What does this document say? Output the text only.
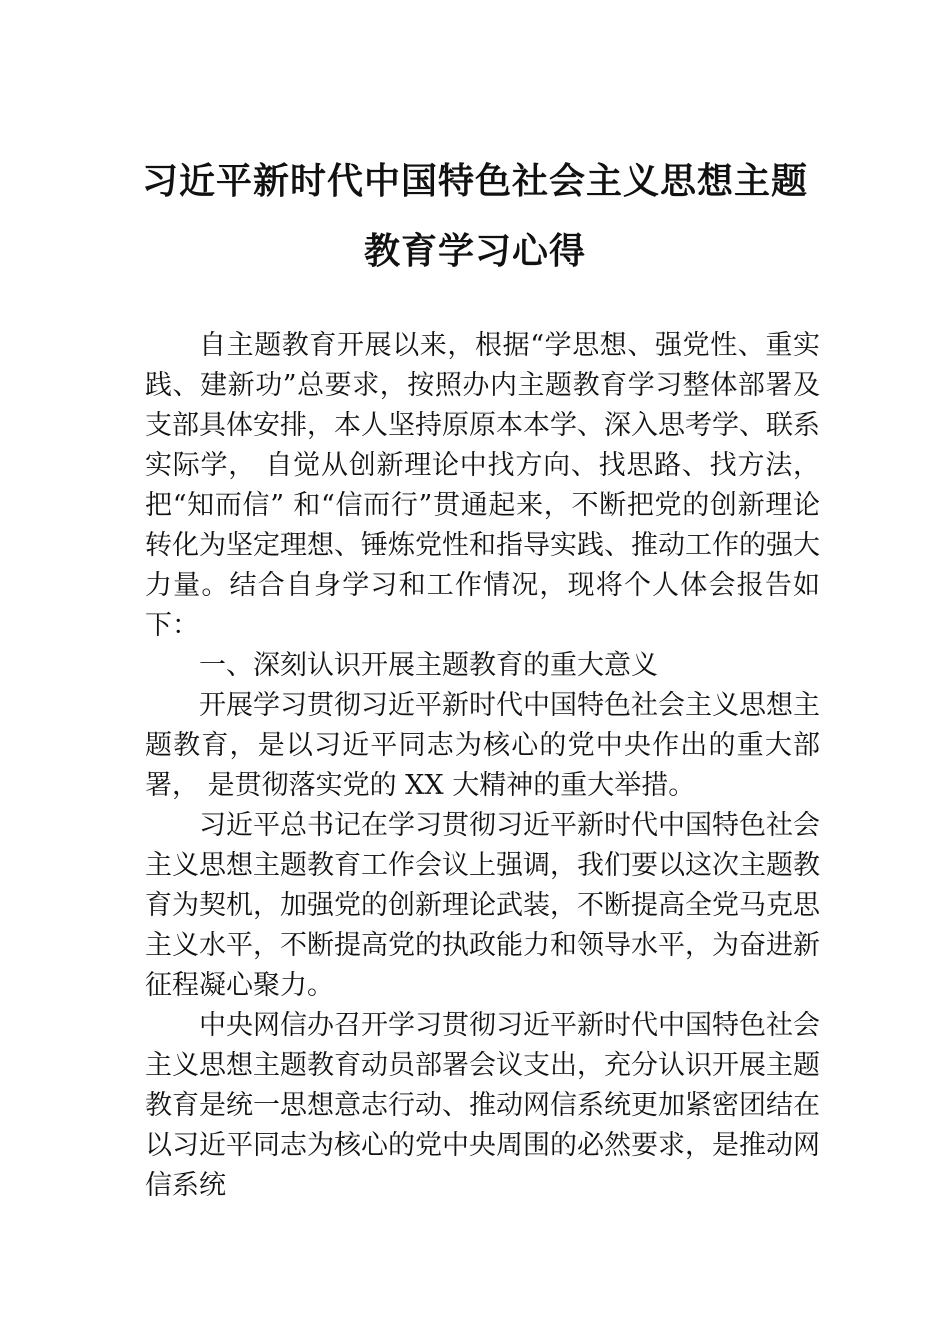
习近平新时代中国特色社会主义思想主题
教育学习心得

自主题教育开展以来，根据“学思想、强党性、重实践、建新功”总要求，按照办内主题教育学习整体部署及支部具体安排，本人坚持原原本本学、深入思考学、联系实际学， 自觉从创新理论中找方向、找思路、找方法，把“知而信” 和“信而行”贯通起来，不断把党的创新理论转化为坚定理想、锤炼党性和指导实践、推动工作的强大力量。结合自身学习和工作情况，现将个人体会报告如下：

一、深刻认识开展主题教育的重大意义

开展学习贯彻习近平新时代中国特色社会主义思想主题教育，是以习近平同志为核心的党中央作出的重大部署， 是贯彻落实党的 XX 大精神的重大举措。

习近平总书记在学习贯彻习近平新时代中国特色社会主义思想主题教育工作会议上强调，我们要以这次主题教育为契机，加强党的创新理论武装，不断提高全党马克思主义水平，不断提高党的执政能力和领导水平，为奋进新征程凝心聚力。

中央网信办召开学习贯彻习近平新时代中国特色社会主义思想主题教育动员部署会议支出，充分认识开展主题教育是统一思想意志行动、推动网信系统更加紧密团结在以习近平同志为核心的党中央周围的必然要求，是推动网信系统
